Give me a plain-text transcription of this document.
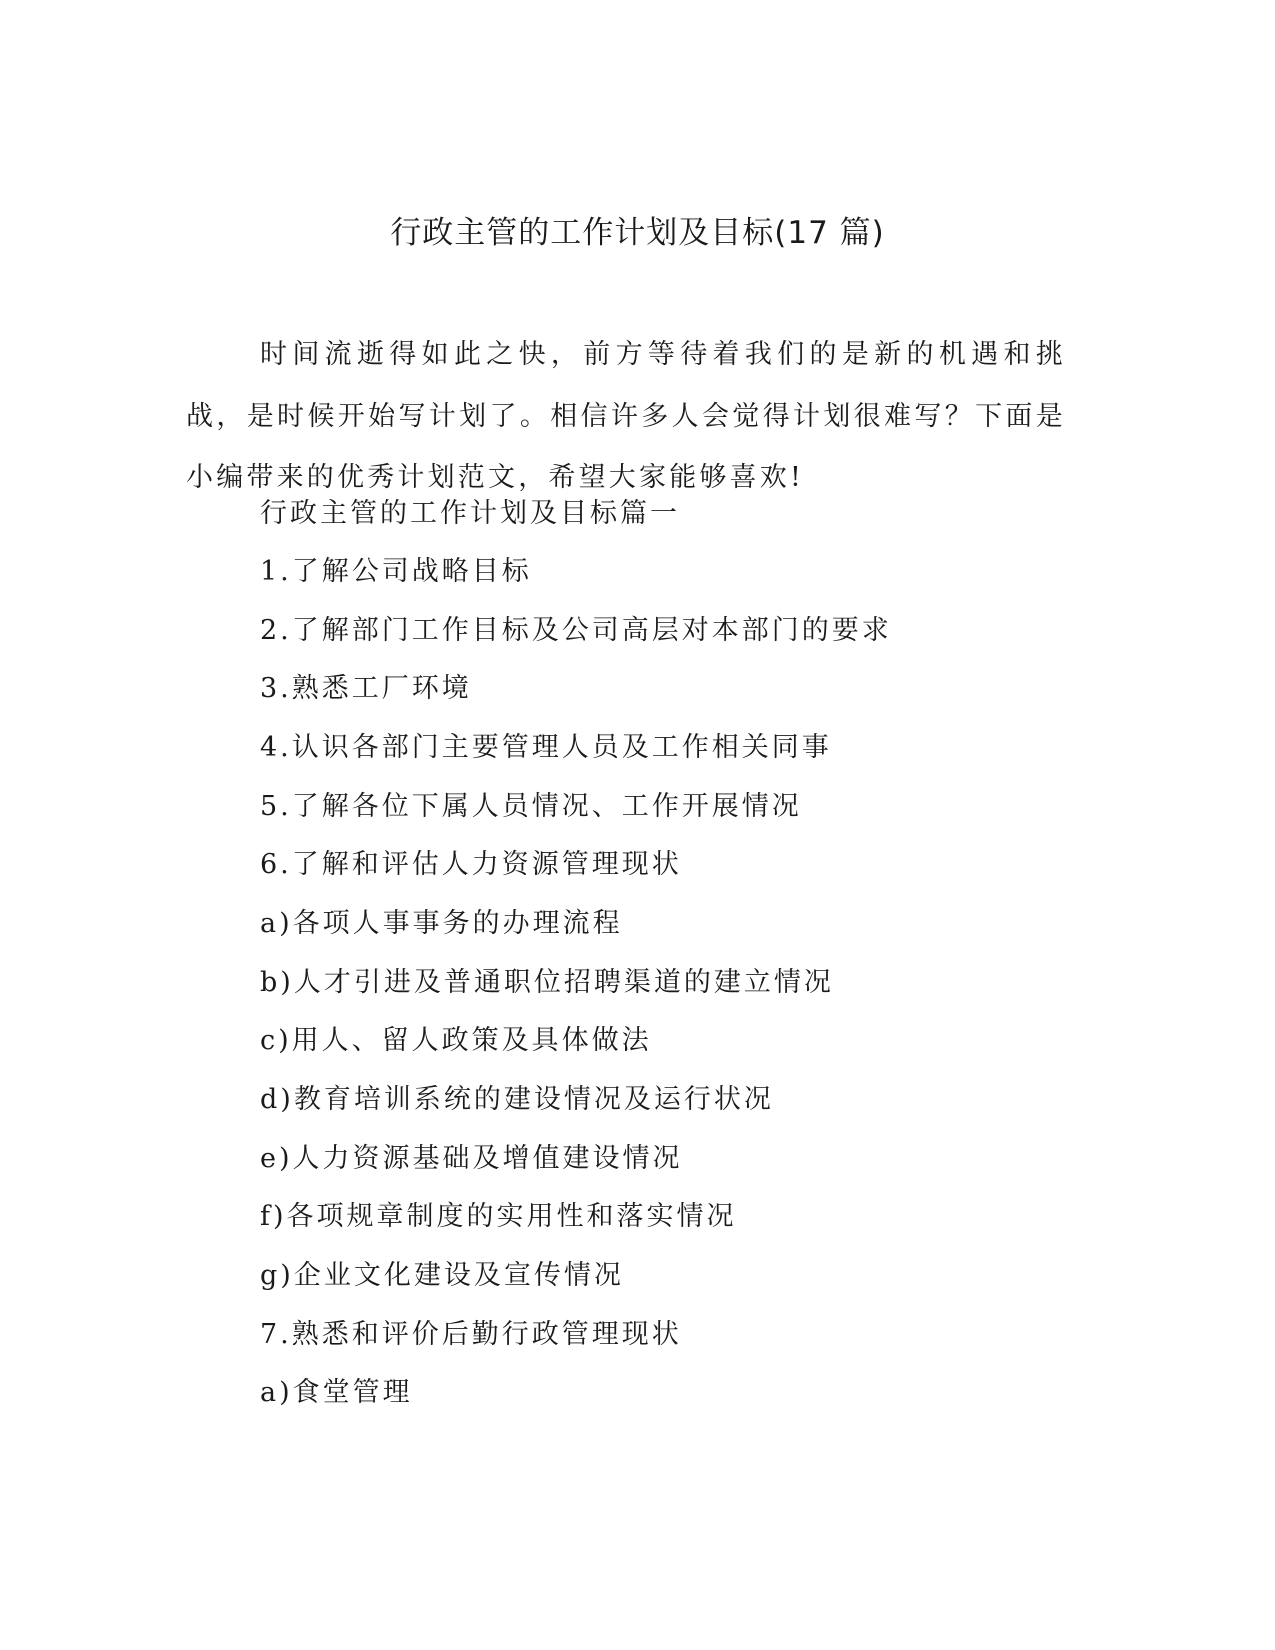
行政主管的工作计划及目标(17 篇)

时间流逝得如此之快，前方等待着我们的是新的机遇和挑战，是时候开始写计划了。相信许多人会觉得计划很难写？下面是小编带来的优秀计划范文，希望大家能够喜欢!

行政主管的工作计划及目标篇一

1.了解公司战略目标

2.了解部门工作目标及公司高层对本部门的要求

3.熟悉工厂环境

4.认识各部门主要管理人员及工作相关同事

5.了解各位下属人员情况、工作开展情况

6.了解和评估人力资源管理现状

a)各项人事事务的办理流程

b)人才引进及普通职位招聘渠道的建立情况

c)用人、留人政策及具体做法

d)教育培训系统的建设情况及运行状况

e)人力资源基础及增值建设情况

f)各项规章制度的实用性和落实情况

g)企业文化建设及宣传情况

7.熟悉和评价后勤行政管理现状

a)食堂管理
